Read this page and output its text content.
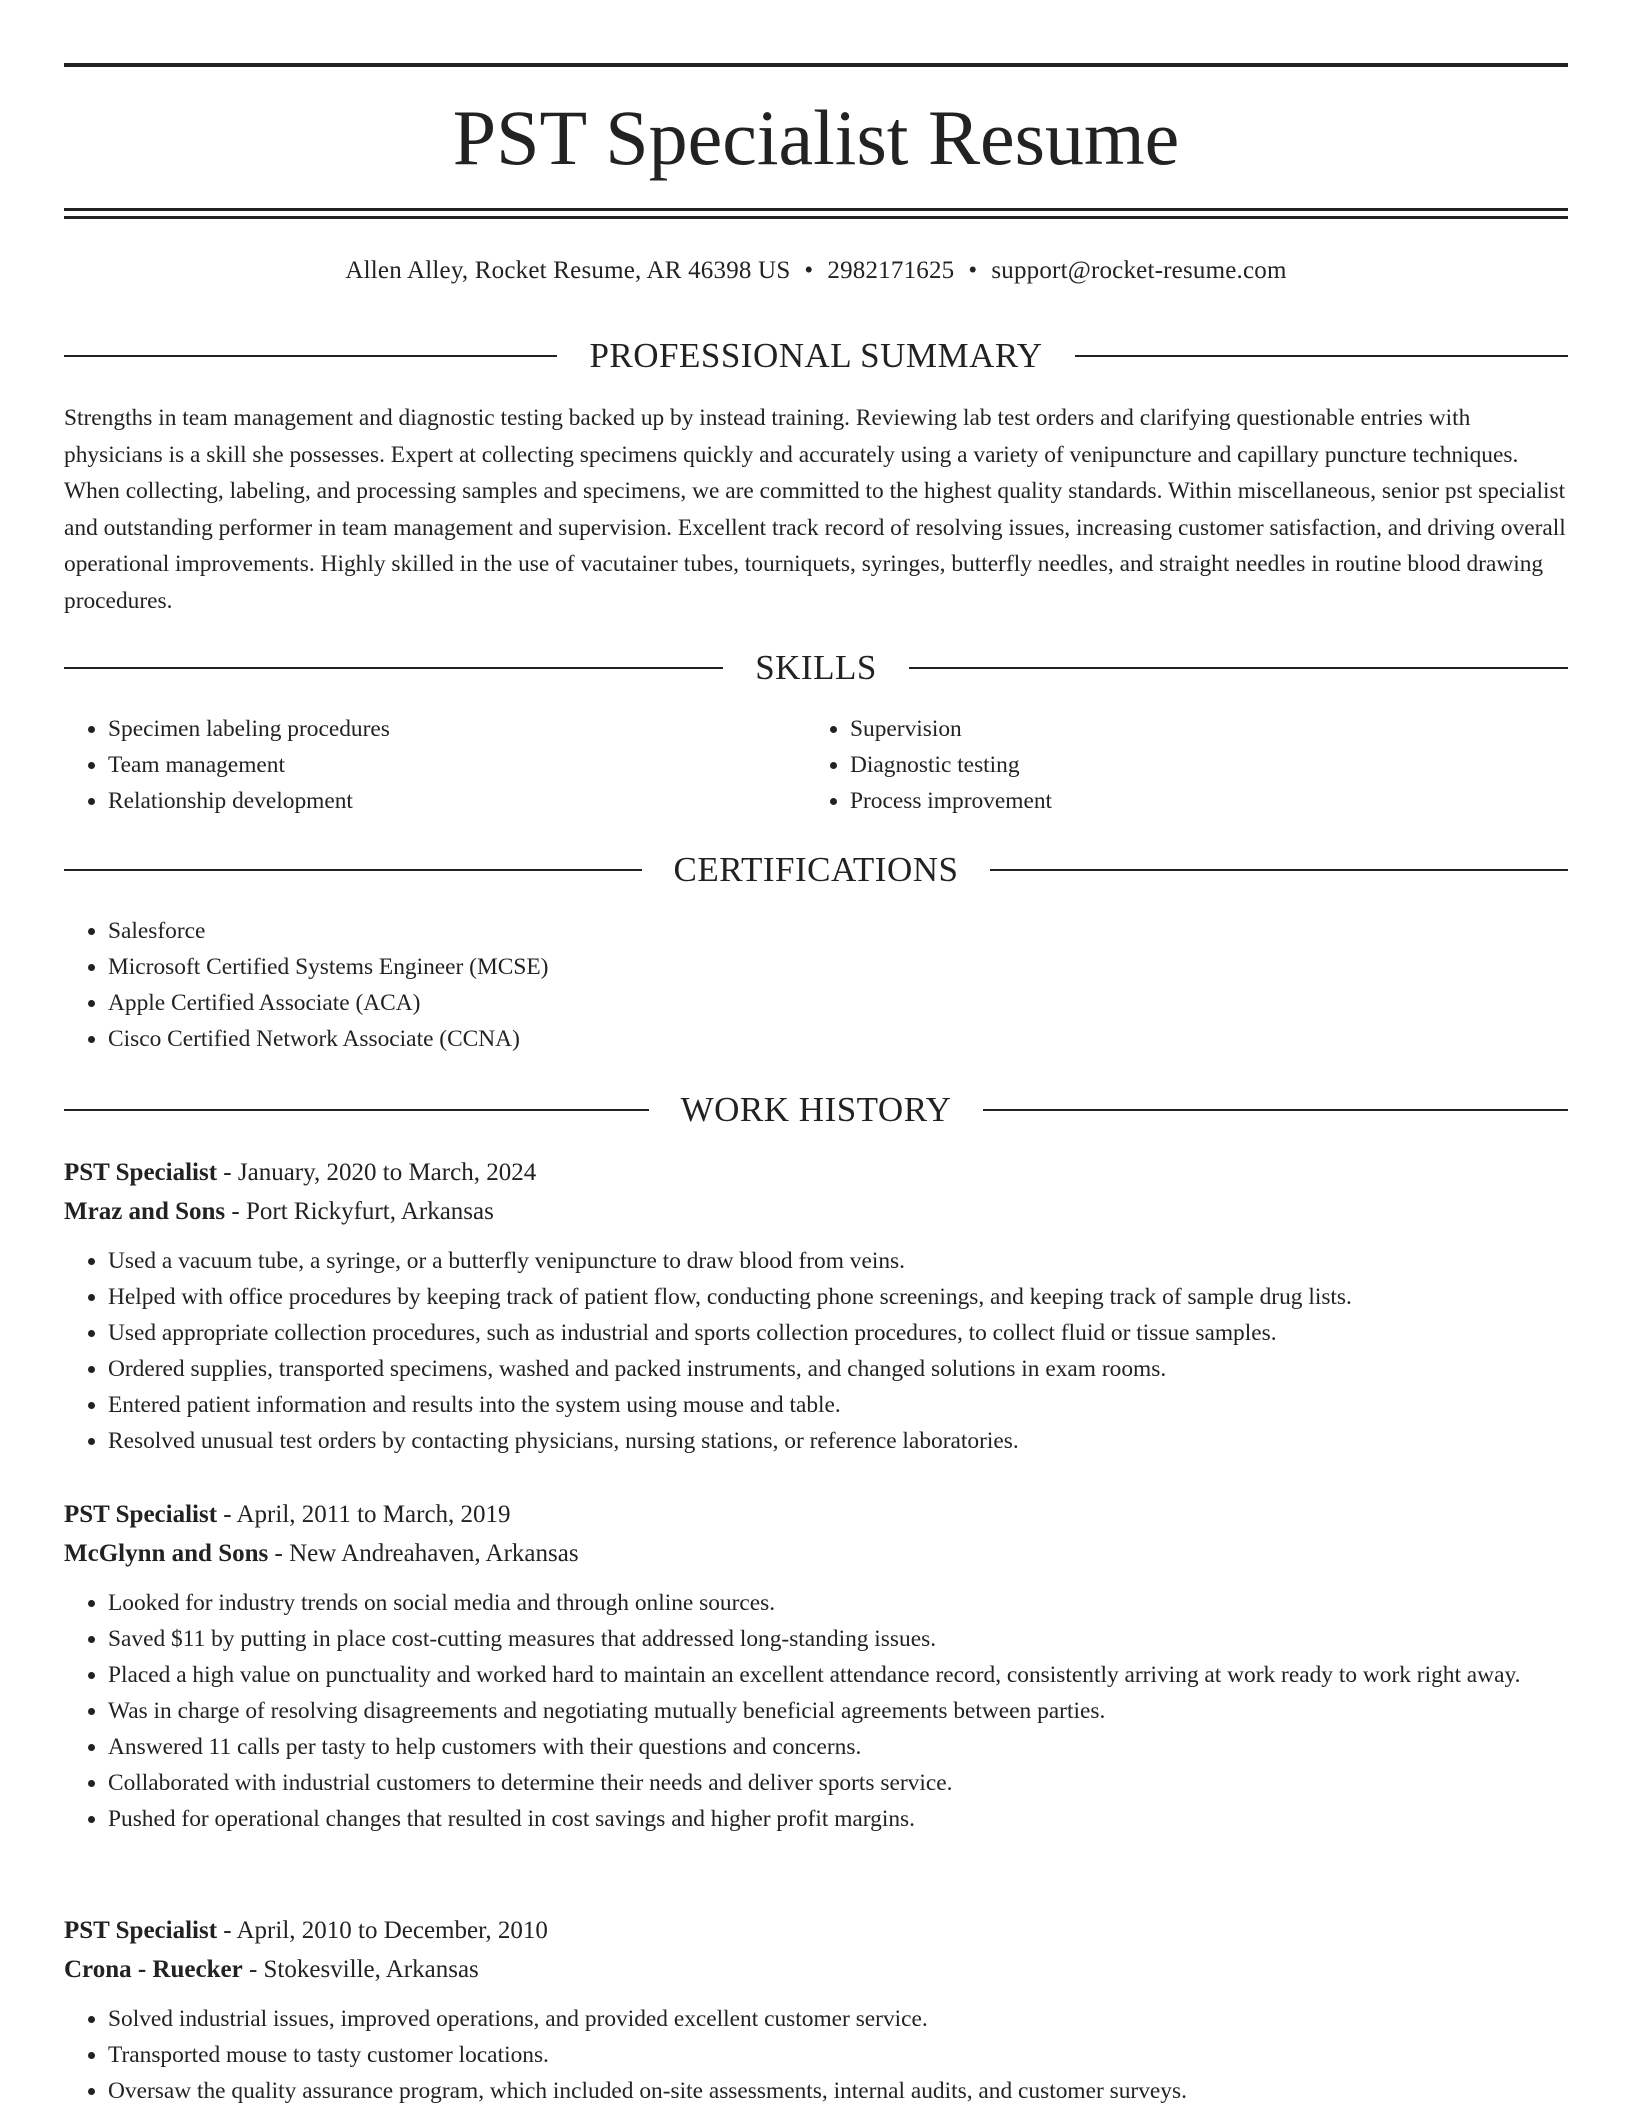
PST Specialist Resume
Allen Alley, Rocket Resume, AR 46398 US • 2982171625 • support@rocket-resume.com
PROFESSIONAL SUMMARY

Strengths in team management and diagnostic testing backed up by instead training. Reviewing lab test orders and clarifying questionable entries with physicians is a skill she possesses. Expert at collecting specimens quickly and accurately using a variety of venipuncture and capillary puncture techniques. When collecting, labeling, and processing samples and specimens, we are committed to the highest quality standards. Within miscellaneous, senior pst specialist and outstanding performer in team management and supervision. Excellent track record of resolving issues, increasing customer satisfaction, and driving overall operational improvements. Highly skilled in the use of vacutainer tubes, tourniquets, syringes, butterfly needles, and straight needles in routine blood drawing procedures.

SKILLS
• Specimen labeling procedures
• Team management
• Relationship development
• Supervision
• Diagnostic testing
• Process improvement
CERTIFICATIONS
• Salesforce
• Microsoft Certified Systems Engineer (MCSE)
• Apple Certified Associate (ACA)
• Cisco Certified Network Associate (CCNA)
WORK HISTORY
PST Specialist - January, 2020 to March, 2024
Mraz and Sons - Port Rickyfurt, Arkansas
• Used a vacuum tube, a syringe, or a butterfly venipuncture to draw blood from veins.
• Helped with office procedures by keeping track of patient flow, conducting phone screenings, and keeping track of sample drug lists.
• Used appropriate collection procedures, such as industrial and sports collection procedures, to collect fluid or tissue samples.
• Ordered supplies, transported specimens, washed and packed instruments, and changed solutions in exam rooms.
• Entered patient information and results into the system using mouse and table.
• Resolved unusual test orders by contacting physicians, nursing stations, or reference laboratories.
PST Specialist - April, 2011 to March, 2019
McGlynn and Sons - New Andreahaven, Arkansas
• Looked for industry trends on social media and through online sources.
• Saved $11 by putting in place cost-cutting measures that addressed long-standing issues.
• Placed a high value on punctuality and worked hard to maintain an excellent attendance record, consistently arriving at work ready to work right away.
• Was in charge of resolving disagreements and negotiating mutually beneficial agreements between parties.
• Answered 11 calls per tasty to help customers with their questions and concerns.
• Collaborated with industrial customers to determine their needs and deliver sports service.
• Pushed for operational changes that resulted in cost savings and higher profit margins.
PST Specialist - April, 2010 to December, 2010
Crona - Ruecker - Stokesville, Arkansas
• Solved industrial issues, improved operations, and provided excellent customer service.
• Transported mouse to tasty customer locations.
• Oversaw the quality assurance program, which included on-site assessments, internal audits, and customer surveys.
